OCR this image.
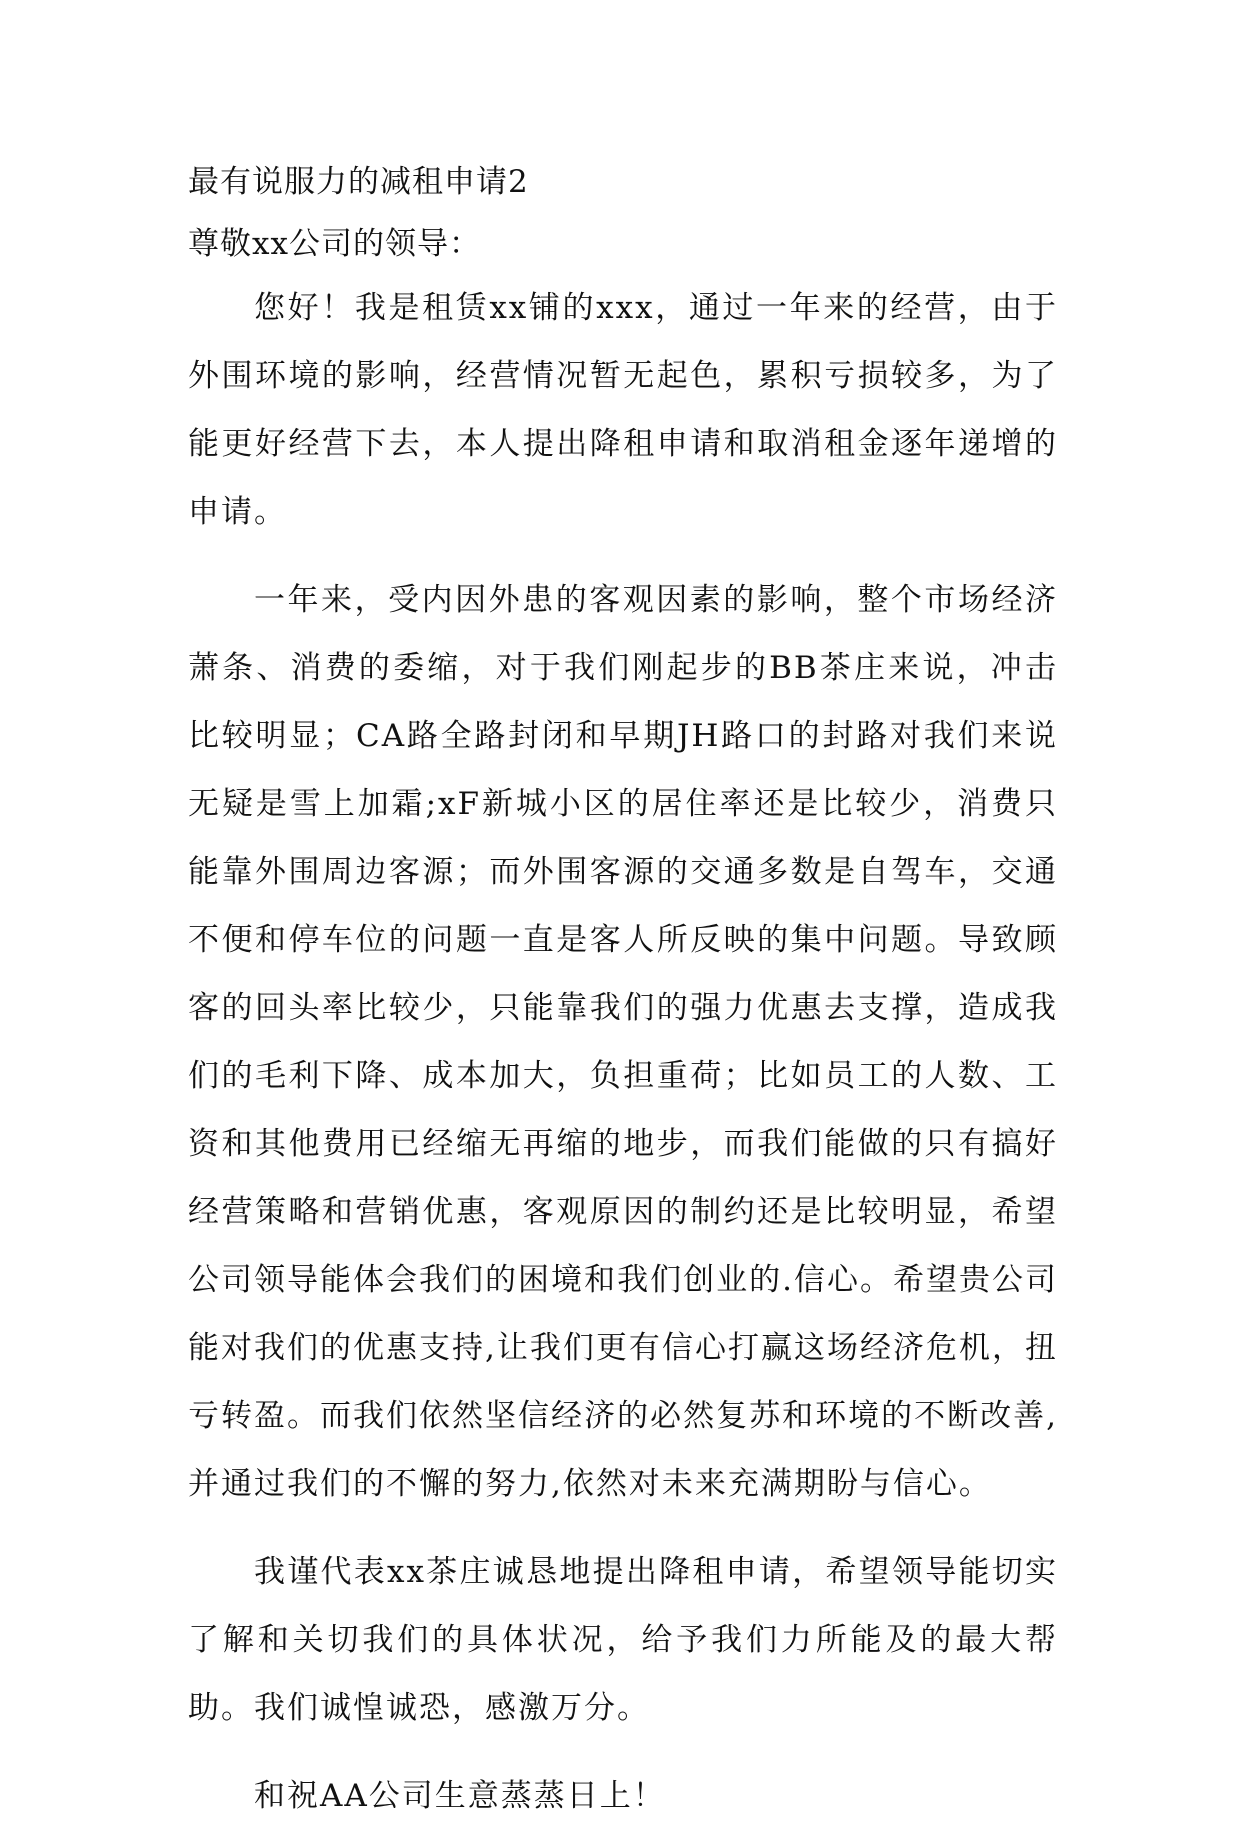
最有说服力的减租申请2

尊敬xx公司的领导：

您好！我是租赁xx铺的xxx，通过一年来的经营，由于外围环境的影响，经营情况暂无起色，累积亏损较多，为了能更好经营下去，本人提出降租申请和取消租金逐年递增的申请。

一年来，受内因外患的客观因素的影响，整个市场经济萧条、消费的委缩，对于我们刚起步的BB茶庄来说，冲击比较明显；CA路全路封闭和早期JH路口的封路对我们来说无疑是雪上加霜;xF新城小区的居住率还是比较少，消费只能靠外围周边客源；而外围客源的交通多数是自驾车，交通不便和停车位的问题一直是客人所反映的集中问题。导致顾客的回头率比较少，只能靠我们的强力优惠去支撑，造成我们的毛利下降、成本加大，负担重荷；比如员工的人数、工资和其他费用已经缩无再缩的地步，而我们能做的只有搞好经营策略和营销优惠，客观原因的制约还是比较明显，希望公司领导能体会我们的困境和我们创业的.信心。希望贵公司能对我们的优惠支持,让我们更有信心打赢这场经济危机，扭亏转盈。而我们依然坚信经济的必然复苏和环境的不断改善,并通过我们的不懈的努力,依然对未来充满期盼与信心。

我谨代表xx茶庄诚恳地提出降租申请，希望领导能切实了解和关切我们的具体状况，给予我们力所能及的最大帮助。我们诚惶诚恐，感激万分。

和祝AA公司生意蒸蒸日上！
